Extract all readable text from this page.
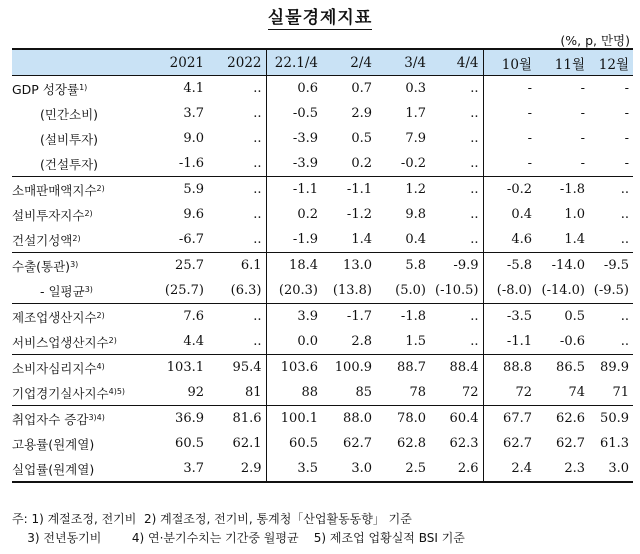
실물경제지표
(%, p, 만명)
	2021	2022	22.1/4	2/4	3/4	4/4	10월	11월	12월
GDP 성장률$^{1)}$	4.1	..	0.6	0.7	0.3	..	-	-	-
(민간소비)	3.7	..	-0.5	2.9	1.7	..	-	-	-
(설비투자)	9.0	..	-3.9	0.5	7.9	..	-	-	-
(건설투자)	-1.6	..	-3.9	0.2	-0.2	..	-	-	-
소매판매액지수$^{2)}$	5.9	..	-1.1	-1.1	1.2	..	-0.2	-1.8	..
설비투자지수$^{2)}$	9.6	..	0.2	-1.2	9.8	..	0.4	1.0	..
건설기성액$^{2)}$	-6.7	..	-1.9	1.4	0.4	..	4.6	1.4	..
수출(통관)$^{3)}$	25.7	6.1	18.4	13.0	5.8	-9.9	-5.8	-14.0	-9.5
- 일평균$^{3)}$	(25.7)	(6.3)	(20.3)	(13.8)	(5.0)	(-10.5)	(-8.0)	(-14.0)	(-9.5)
제조업생산지수$^{2)}$	7.6	..	3.9	-1.7	-1.8	..	-3.5	0.5	..
서비스업생산지수$^{2)}$	4.4	..	0.0	2.8	1.5	..	-1.1	-0.6	..
소비자심리지수$^{4)}$	103.1	95.4	103.6	100.9	88.7	88.4	88.8	86.5	89.9
기업경기실사지수$^{4)5)}$	92	81	88	85	78	72	72	74	71
취업자수 증감$^{3)4)}$	36.9	81.6	100.1	88.0	78.0	60.4	67.7	62.6	50.9
고용률(원계열)	60.5	62.1	60.5	62.7	62.8	62.3	62.7	62.7	61.3
실업률(원계열)	3.7	2.9	3.5	3.0	2.5	2.6	2.4	2.3	3.0
주: 1) 계절조정, 전기비  2) 계절조정, 전기비, 통계청「산업활동동향」 기준
3) 전년동기비        4) 연·분기수치는 기간중 월평균    5) 제조업 업황실적 BSI 기준
